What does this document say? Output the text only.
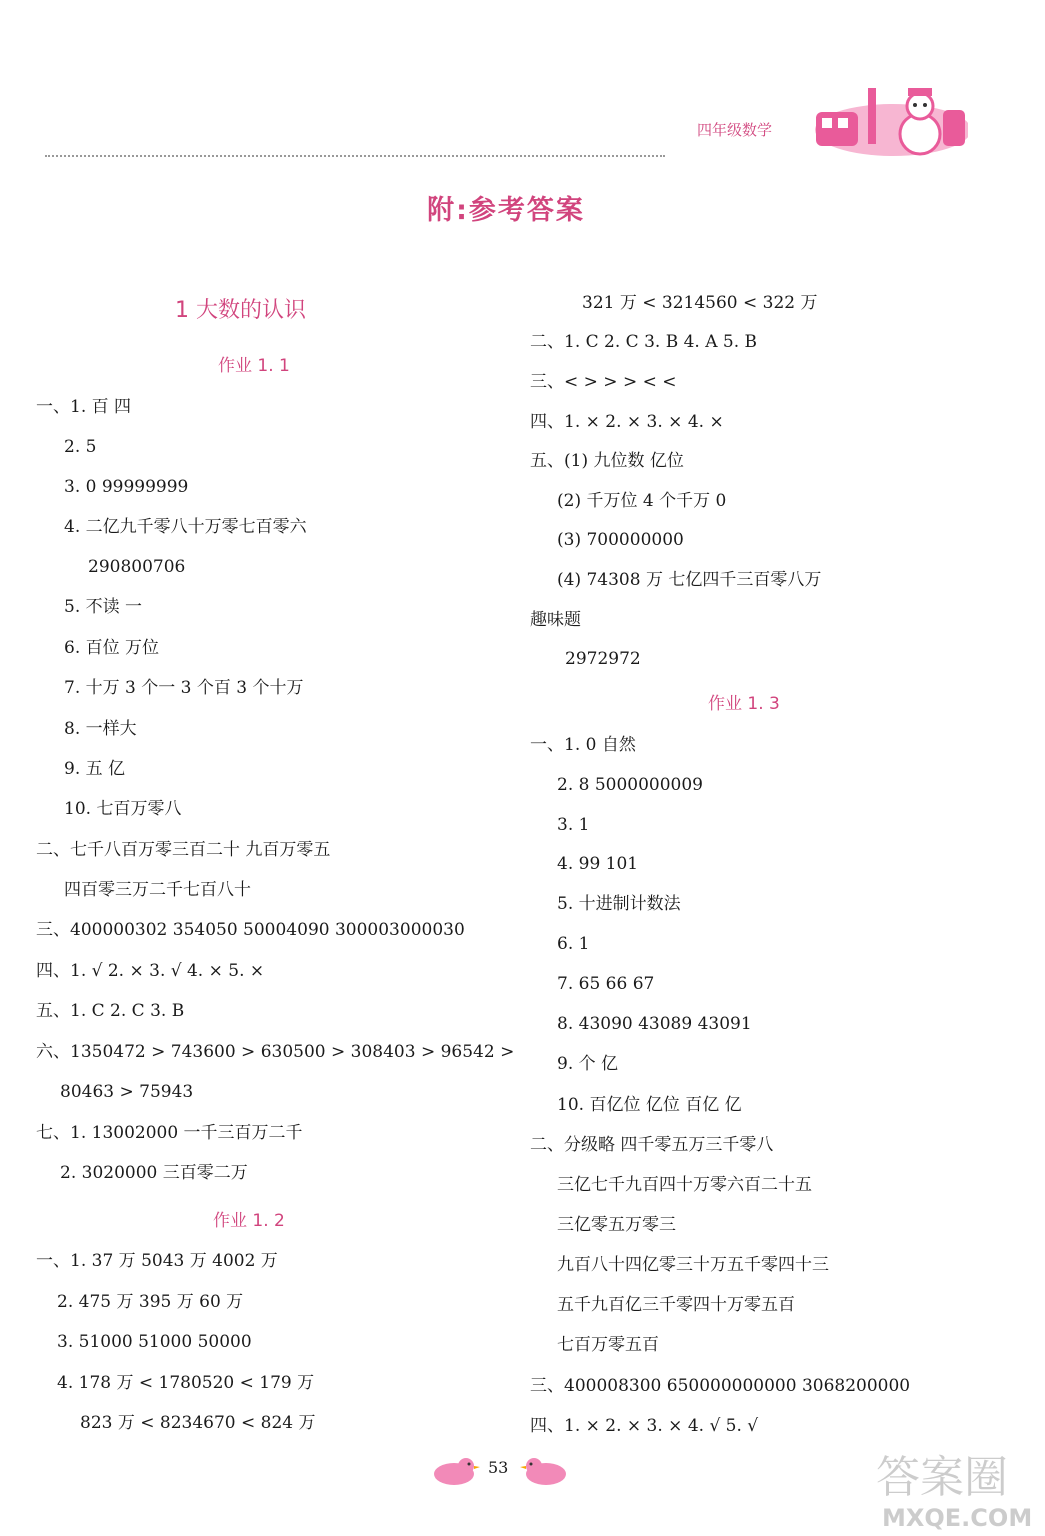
四年级数学
附:参考答案
1 大数的认识
作业 1. 1
一、1. 百 四
2. 5
3. 0 99999999
4. 二亿九千零八十万零七百零六
290800706
5. 不读 一
6. 百位 万位
7. 十万 3 个一 3 个百 3 个十万
8. 一样大
9. 五 亿
10. 七百万零八
二、七千八百万零三百二十 九百万零五
四百零三万二千七百八十
三、400000302 354050 50004090 300003000030
四、1. √ 2. × 3. √ 4. × 5. ×
五、1. C 2. C 3. B
六、1350472 > 743600 > 630500 > 308403 > 96542 >
80463 > 75943
七、1. 13002000 一千三百万二千
2. 3020000 三百零二万
作业 1. 2
一、1. 37 万 5043 万 4002 万
2. 475 万 395 万 60 万
3. 51000 51000 50000
4. 178 万 < 1780520 < 179 万
823 万 < 8234670 < 824 万
321 万 < 3214560 < 322 万
二、1. C 2. C 3. B 4. A 5. B
三、< > > > < <
四、1. × 2. × 3. × 4. ×
五、(1) 九位数 亿位
(2) 千万位 4 个千万 0
(3) 700000000
(4) 74308 万 七亿四千三百零八万
趣味题
2972972
作业 1. 3
一、1. 0 自然
2. 8 5000000009
3. 1
4. 99 101
5. 十进制计数法
6. 1
7. 65 66 67
8. 43090 43089 43091
9. 个 亿
10. 百亿位 亿位 百亿 亿
二、分级略 四千零五万三千零八
三亿七千九百四十万零六百二十五
三亿零五万零三
九百八十四亿零三十万五千零四十三
五千九百亿三千零四十万零五百
七百万零五百
三、400008300 650000000000 3068200000
四、1. × 2. × 3. × 4. √ 5. √
53	答案圈
MXQE.COM
